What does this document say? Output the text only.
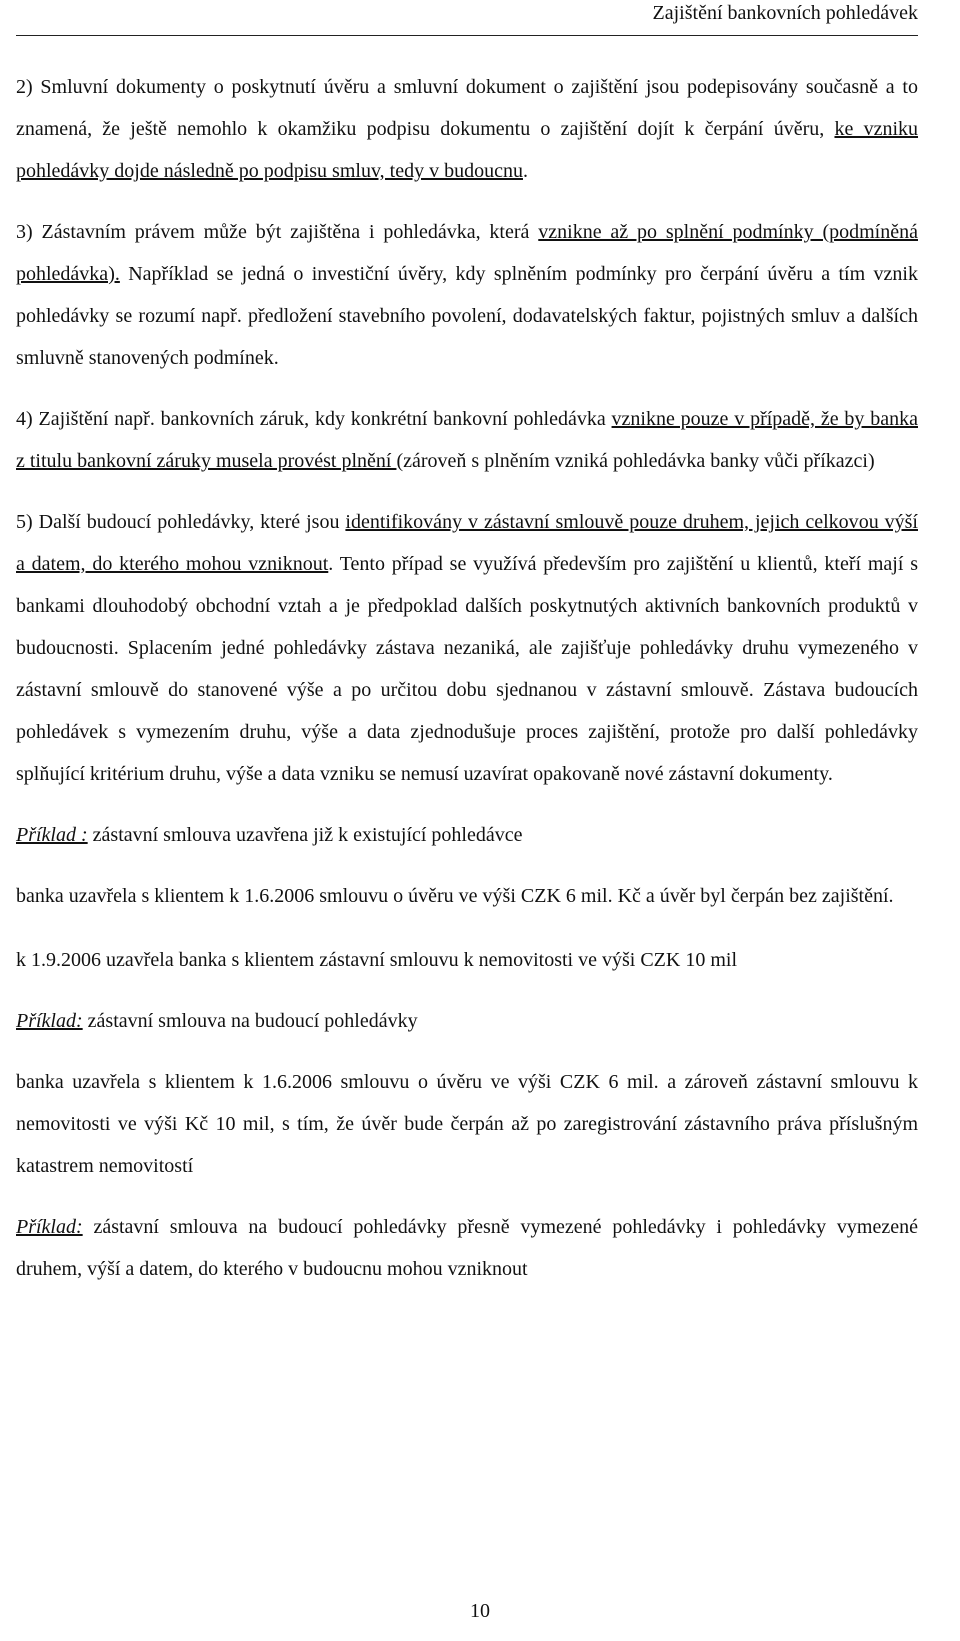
Zajištění bankovních pohledávek

2) Smluvní dokumenty o poskytnutí úvěru a smluvní dokument o zajištění jsou podepisovány současně a to znamená, že ještě nemohlo k okamžiku podpisu dokumentu o zajištění dojít k čerpání úvěru, ke vzniku pohledávky dojde následně po podpisu smluv, tedy v budoucnu.

3) Zástavním právem může být zajištěna i pohledávka, která vznikne až po splnění podmínky (podmíněná pohledávka). Například se jedná o investiční úvěry, kdy splněním podmínky pro čerpání úvěru a tím vznik pohledávky se rozumí např. předložení stavebního povolení, dodavatelských faktur, pojistných smluv a dalších smluvně stanovených podmínek.

4) Zajištění např. bankovních záruk, kdy konkrétní bankovní pohledávka vznikne pouze v případě, že by banka z titulu bankovní záruky musela provést plnění (zároveň s plněním vzniká pohledávka banky vůči příkazci)

5) Další budoucí pohledávky, které jsou identifikovány v zástavní smlouvě pouze druhem, jejich celkovou výší a datem, do kterého mohou vzniknout. Tento případ se využívá především pro zajištění u klientů, kteří mají s bankami dlouhodobý obchodní vztah a je předpoklad dalších poskytnutých aktivních bankovních produktů v budoucnosti. Splacením jedné pohledávky zástava nezaniká, ale zajišťuje pohledávky druhu vymezeného v zástavní smlouvě do stanovené výše a po určitou dobu sjednanou v zástavní smlouvě. Zástava budoucích pohledávek s vymezením druhu, výše a data zjednodušuje proces zajištění, protože pro další pohledávky splňující kritérium druhu, výše a data vzniku se nemusí uzavírat opakovaně nové zástavní dokumenty.

Příklad : zástavní smlouva uzavřena již k existující pohledávce

banka uzavřela s klientem k 1.6.2006 smlouvu o úvěru ve výši CZK 6 mil. Kč a úvěr byl čerpán bez zajištění.

k 1.9.2006 uzavřela banka s klientem zástavní smlouvu k nemovitosti ve výši CZK 10 mil

Příklad: zástavní smlouva na budoucí pohledávky

banka uzavřela s klientem k 1.6.2006 smlouvu o úvěru ve výši CZK 6 mil. a zároveň zástavní smlouvu k nemovitosti ve výši Kč 10 mil, s tím, že úvěr bude čerpán až po zaregistrování zástavního práva příslušným katastrem nemovitostí

Příklad: zástavní smlouva na budoucí pohledávky přesně vymezené pohledávky i pohledávky vymezené druhem, výší a datem, do kterého v budoucnu mohou vzniknout

10
